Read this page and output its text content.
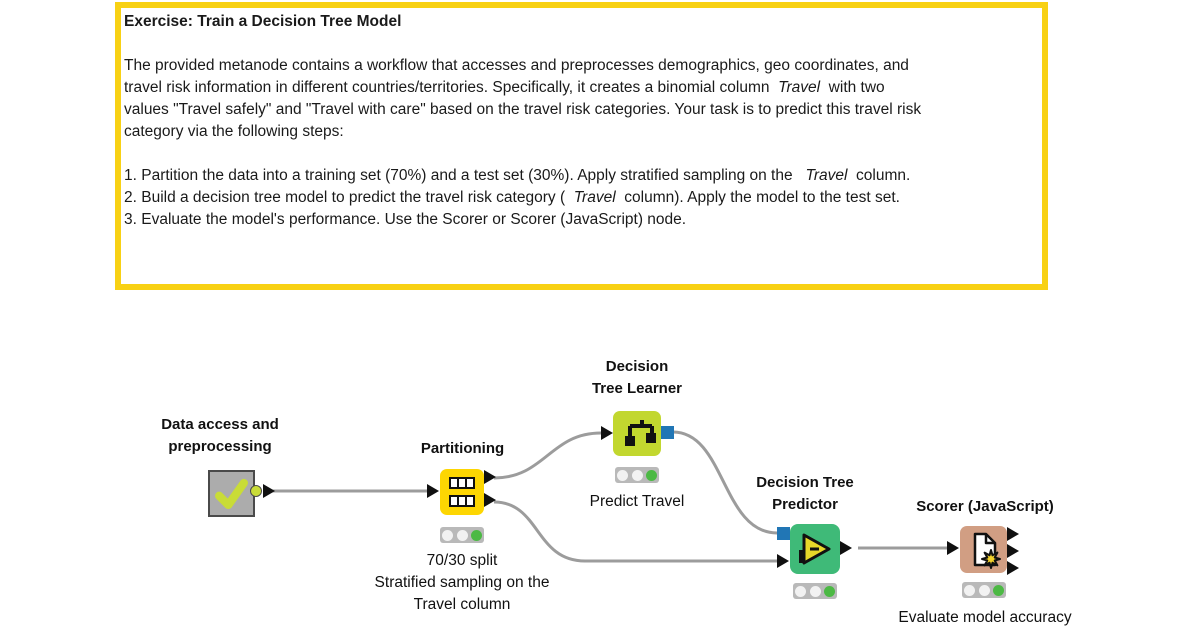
Exercise: Train a Decision Tree Model
The provided metanode contains a workflow that accesses and preprocesses demographics, geo coordinates, and
travel risk information in different countries/territories. Specifically, it creates a binomial column  Travel  with two
values "Travel safely" and "Travel with care" based on the travel risk categories. Your task is to predict this travel risk
category via the following steps:
1. Partition the data into a training set (70%) and a test set (30%). Apply stratified sampling on the   Travel  column.
2. Build a decision tree model to predict the travel risk category (  Travel  column). Apply the model to the test set.
3. Evaluate the model's performance. Use the Scorer or Scorer (JavaScript) node.
Data access and
preprocessing	Partitioning
70/30 split
Stratified sampling on the
Travel column
Decision
Tree Learner
Predict Travel
Decision Tree
Predictor	Scorer (JavaScript)
Evaluate model accuracy
